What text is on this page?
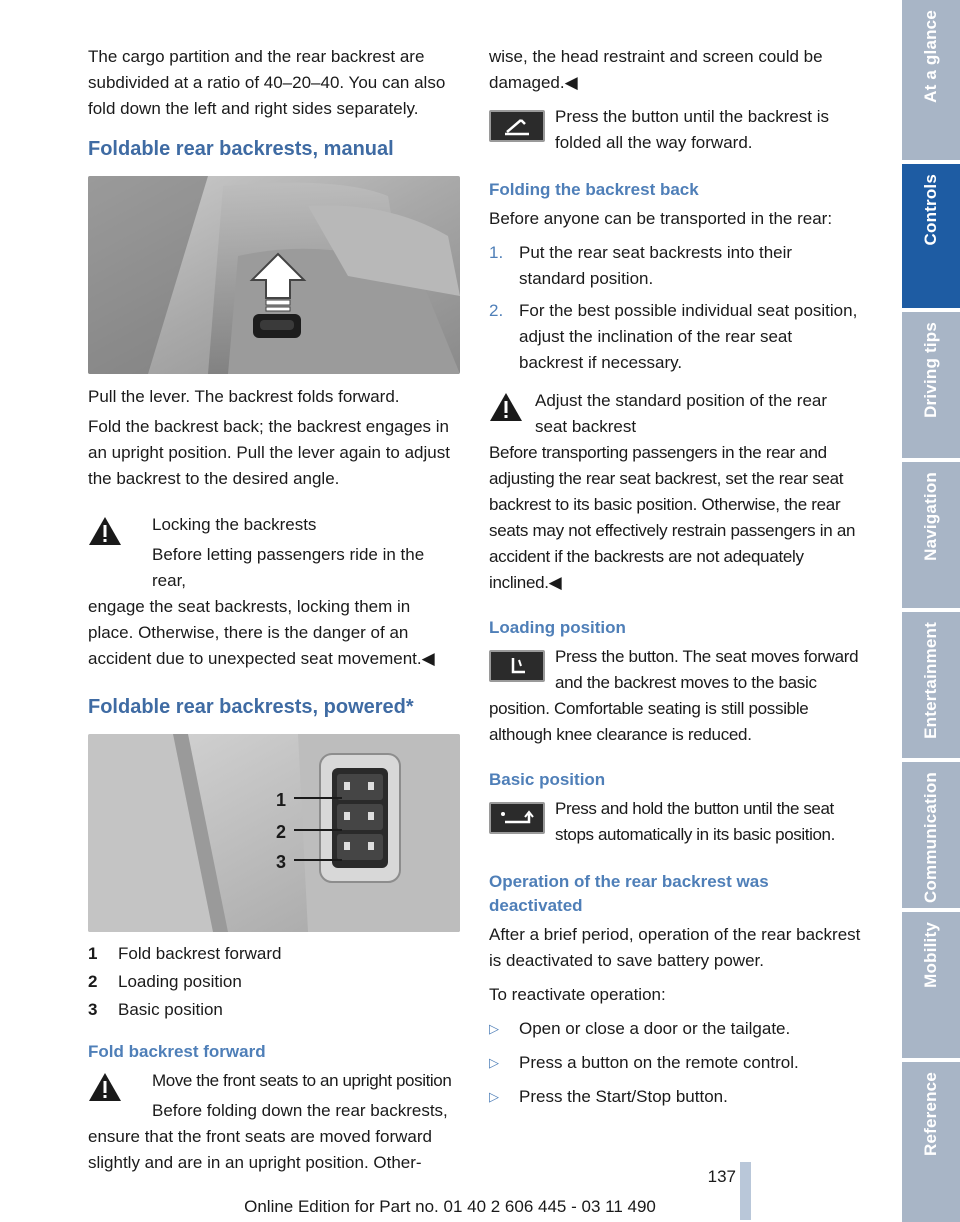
The cargo partition and the rear backrest are subdivided at a ratio of 40–20–40. You can also fold down the left and right sides separately.

Foldable rear backrests, manual

Pull the lever. The backrest folds forward.

Fold the backrest back; the backrest engages in an upright position. Pull the lever again to adjust the backrest to the desired angle.

Locking the backrests
Before letting passengers ride in the rear,
engage the seat backrests, locking them in place. Otherwise, there is the danger of an accident due to unexpected seat movement.◀
Foldable rear backrests, powered*
1
2
3
1	Fold backrest forward
2	Loading position
3	Basic position
Fold backrest forward
Move the front seats to an upright position
Before folding down the rear backrests,
ensure that the front seats are moved forward slightly and are in an upright position. Other-

wise, the head restraint and screen could be damaged.◀

Press the button until the backrest is folded all the way forward.
Folding the backrest back

Before anyone can be transported in the rear:

1. Put the rear seat backrests into their standard position.
2. For the best possible individual seat position, adjust the inclination of the rear seat backrest if necessary.
Adjust the standard position of the rear seat backrest
Before transporting passengers in the rear and adjusting the rear seat backrest, set the rear seat backrest to its basic position. Otherwise, the rear seats may not effectively restrain passengers in an accident if the backrests are not adequately inclined.◀
Loading position
Press the button. The seat moves forward and the backrest moves to the basic position. Comfortable seating is still possible although knee clearance is reduced.
Basic position
Press and hold the button until the seat stops automatically in its basic position.
Operation of the rear backrest was deactivated

After a brief period, operation of the rear backrest is deactivated to save battery power.

To reactivate operation:

▷	Open or close a door or the tailgate.
▷	Press a button on the remote control.
▷	Press the Start/Stop button.
At a glance
Controls
Driving tips
Navigation
Entertainment
Communication
Mobility
Reference
137
Online Edition for Part no. 01 40 2 606 445 - 03 11 490
